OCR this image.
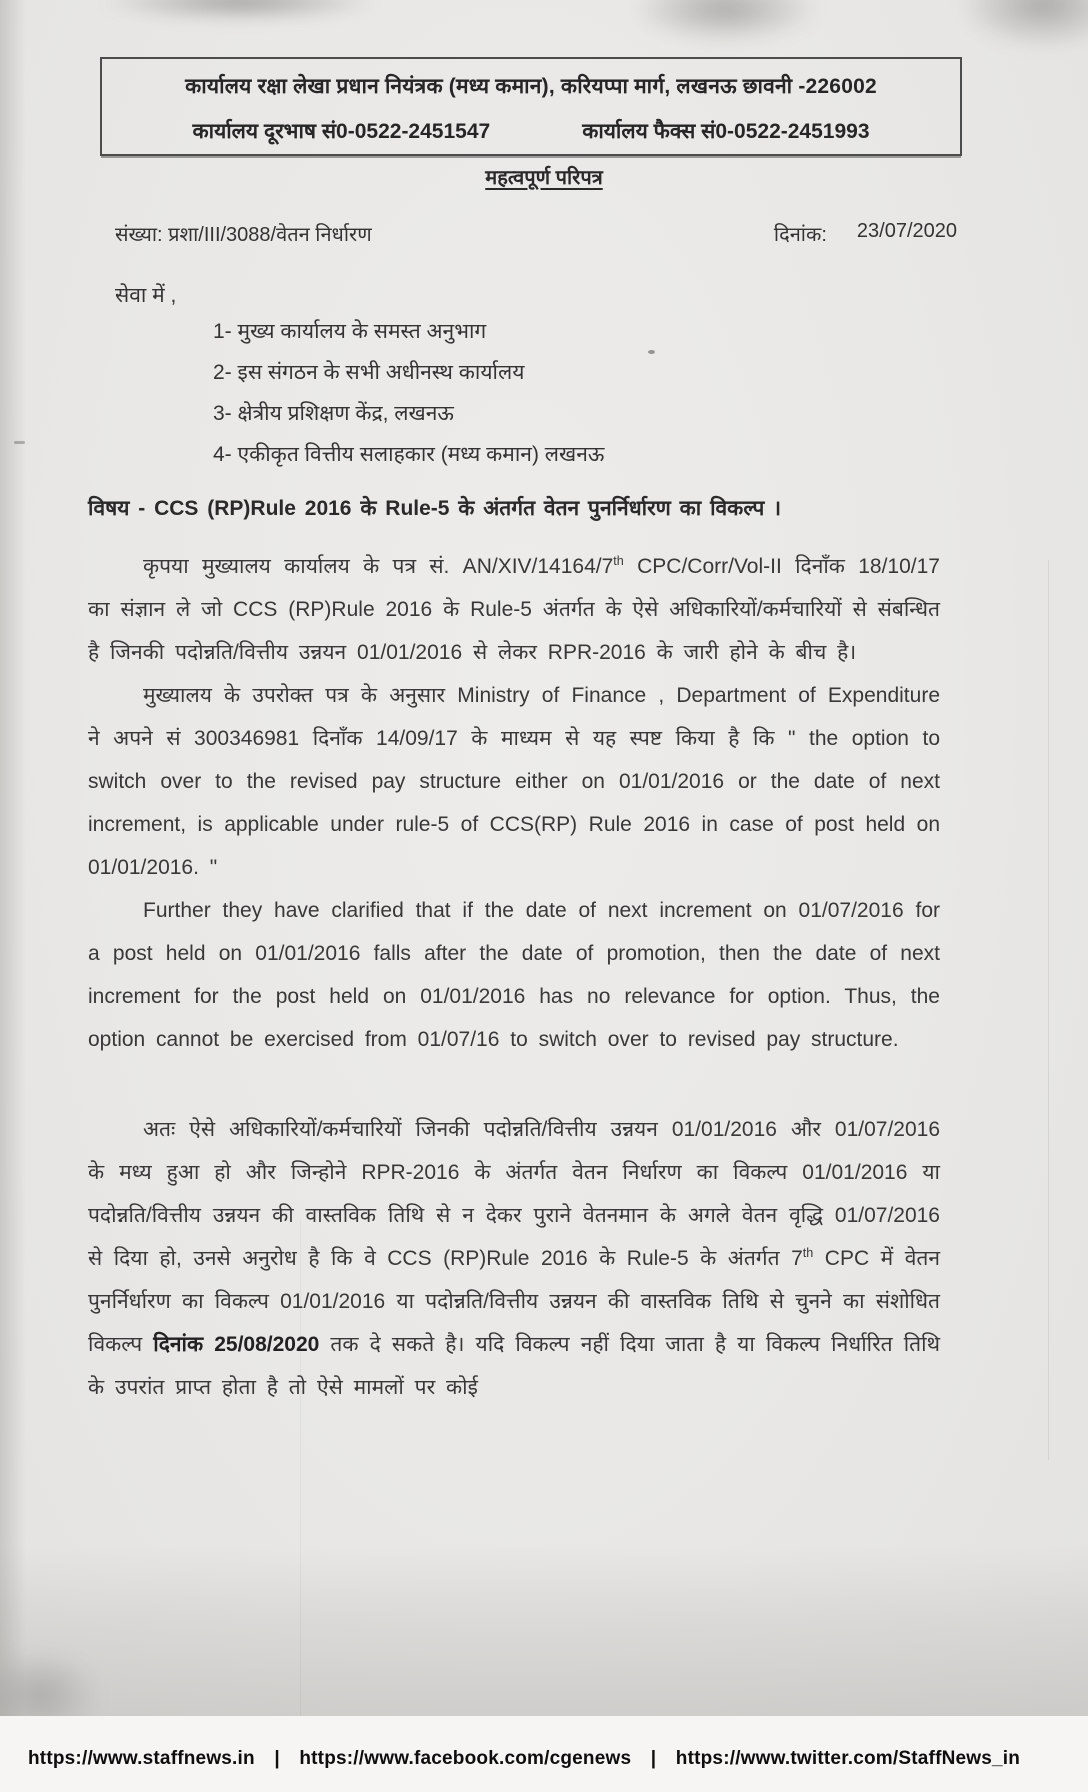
कार्यालय रक्षा लेखा प्रधान नियंत्रक (मध्य कमान), करियप्पा मार्ग, लखनऊ छावनी -226002
कार्यालय दूरभाष सं0-0522-2451547	कार्यालय फैक्स सं0-0522-2451993
महत्वपूर्ण परिपत्र
संख्या: प्रशा/III/3088/वेतन निर्धारण	दिनांक: 23/07/2020
सेवा में ,
1- मुख्य कार्यालय के समस्त अनुभाग
2- इस संगठन के सभी अधीनस्थ कार्यालय
3- क्षेत्रीय प्रशिक्षण केंद्र, लखनऊ
4- एकीकृत वित्तीय सलाहकार (मध्य कमान) लखनऊ
विषय - CCS (RP)Rule 2016 के Rule-5 के अंतर्गत वेतन पुनर्निर्धारण का विकल्प ।

कृपया मुख्यालय कार्यालय के पत्र सं. AN/XIV/14164/7th CPC/Corr/Vol-II दिनाँक 18/10/17 का संज्ञान ले जो CCS (RP)Rule 2016 के Rule-5 अंतर्गत के ऐसे अधिकारियों/कर्मचारियों से संबन्धित है जिनकी पदोन्नति/वित्तीय उन्नयन 01/01/2016 से लेकर RPR-2016 के जारी होने के बीच है।

मुख्यालय के उपरोक्त पत्र के अनुसार Ministry of Finance , Department of Expenditure ने अपने सं 300346981 दिनाँक 14/09/17 के माध्यम से यह स्पष्ट किया है कि " the option to switch over to the revised pay structure either on 01/01/2016 or the date of next increment, is applicable under rule-5 of CCS(RP) Rule 2016 in case of post held on 01/01/2016. "

Further they have clarified that if the date of next increment on 01/07/2016 for a post held on 01/01/2016 falls after the date of promotion, then the date of next increment for the post held on 01/01/2016 has no relevance for option. Thus, the option cannot be exercised from 01/07/16 to switch over to revised pay structure.

अतः ऐसे अधिकारियों/कर्मचारियों जिनकी पदोन्नति/वित्तीय उन्नयन 01/01/2016 और 01/07/2016 के मध्य हुआ हो और जिन्होने RPR-2016 के अंतर्गत वेतन निर्धारण का विकल्प 01/01/2016 या पदोन्नति/वित्तीय उन्नयन की वास्तविक तिथि से न देकर पुराने वेतनमान के अगले वेतन वृद्धि 01/07/2016 से दिया हो, उनसे अनुरोध है कि वे CCS (RP)Rule 2016 के Rule-5 के अंतर्गत 7th CPC में वेतन पुनर्निर्धारण का विकल्प 01/01/2016 या पदोन्नति/वित्तीय उन्नयन की वास्तविक तिथि से चुनने का संशोधित विकल्प दिनांक 25/08/2020 तक दे सकते है। यदि विकल्प नहीं दिया जाता है या विकल्प निर्धारित तिथि के उपरांत प्राप्त होता है तो ऐसे मामलों पर कोई

https://www.staffnews.in | https://www.facebook.com/cgenews | https://www.twitter.com/StaffNews_in
